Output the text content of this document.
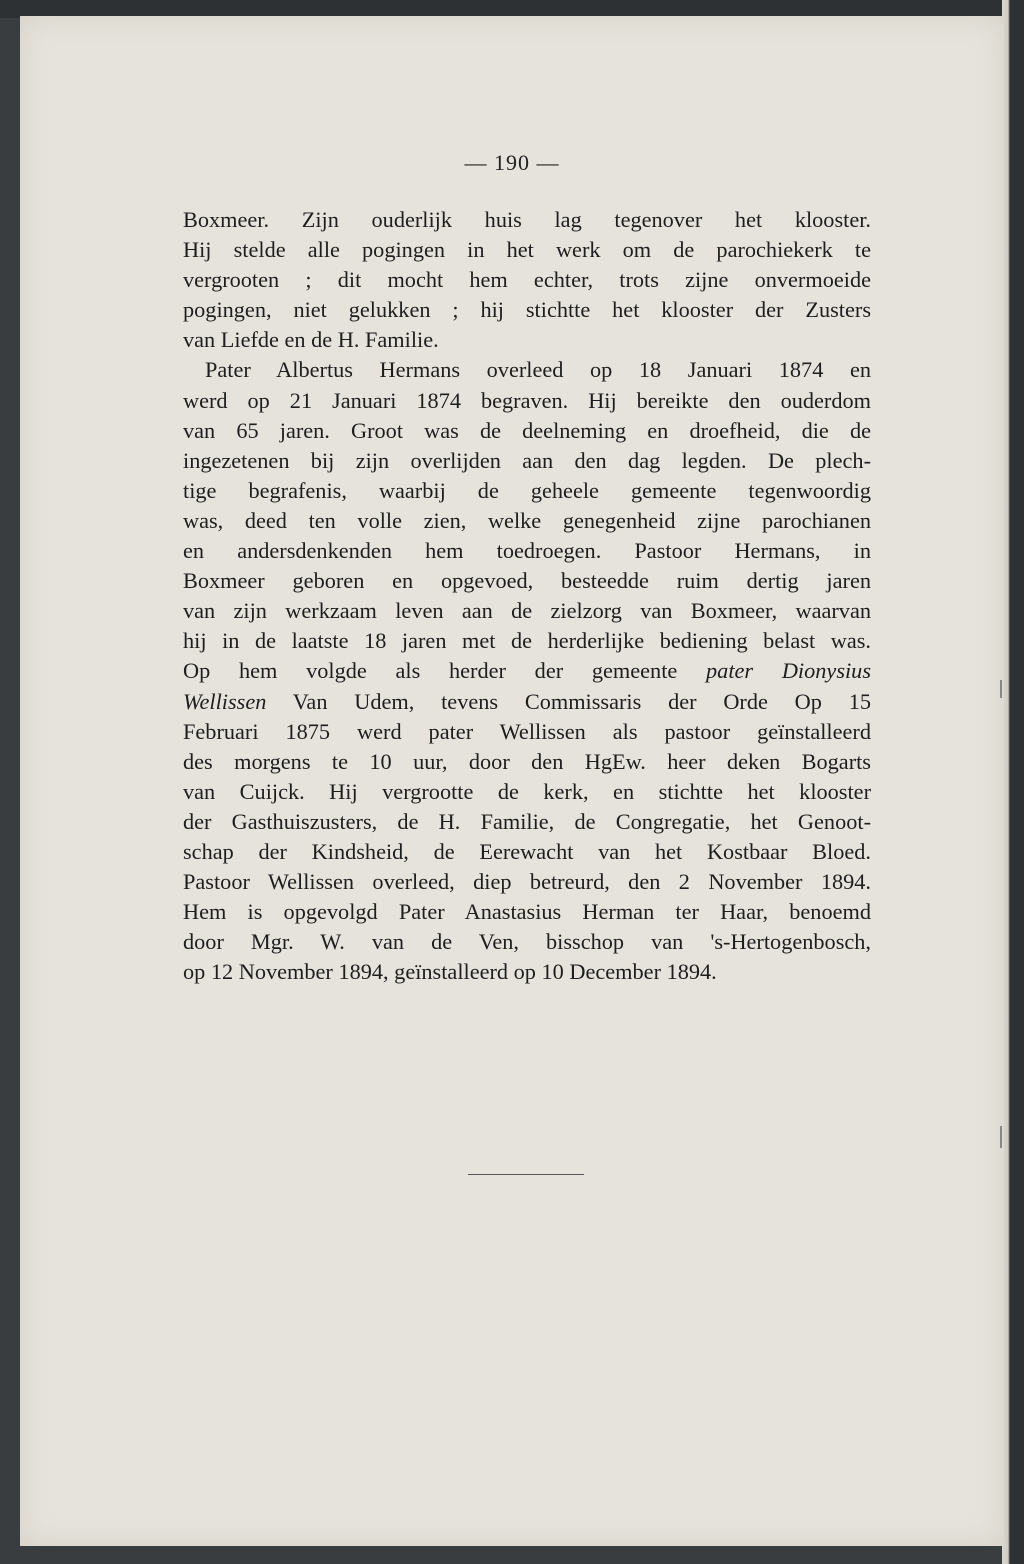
— 190 —
Boxmeer. Zijn ouderlijk huis lag tegenover het klooster.
Hij stelde alle pogingen in het werk om de parochiekerk te
vergrooten ; dit mocht hem echter, trots zijne onvermoeide
pogingen, niet gelukken ; hij stichtte het klooster der Zusters
van Liefde en de H. Familie.
Pater Albertus Hermans overleed op 18 Januari 1874 en
werd op 21 Januari 1874 begraven. Hij bereikte den ouderdom
van 65 jaren. Groot was de deelneming en droefheid, die de
ingezetenen bij zijn overlijden aan den dag legden. De plech-
tige begrafenis, waarbij de geheele gemeente tegenwoordig
was, deed ten volle zien, welke genegenheid zijne parochianen
en andersdenkenden hem toedroegen. Pastoor Hermans, in
Boxmeer geboren en opgevoed, besteedde ruim dertig jaren
van zijn werkzaam leven aan de zielzorg van Boxmeer, waarvan
hij in de laatste 18 jaren met de herderlijke bediening belast was.
Op hem volgde als herder der gemeente pater Dionysius
Wellissen Van Udem, tevens Commissaris der Orde Op 15
Februari 1875 werd pater Wellissen als pastoor geïnstalleerd
des morgens te 10 uur, door den HgEw. heer deken Bogarts
van Cuijck. Hij vergrootte de kerk, en stichtte het klooster
der Gasthuiszusters, de H. Familie, de Congregatie, het Genoot-
schap der Kindsheid, de Eerewacht van het Kostbaar Bloed.
Pastoor Wellissen overleed, diep betreurd, den 2 November 1894.
Hem is opgevolgd Pater Anastasius Herman ter Haar, benoemd
door Mgr. W. van de Ven, bisschop van 's-Hertogenbosch,
op 12 November 1894, geïnstalleerd op 10 December 1894.
